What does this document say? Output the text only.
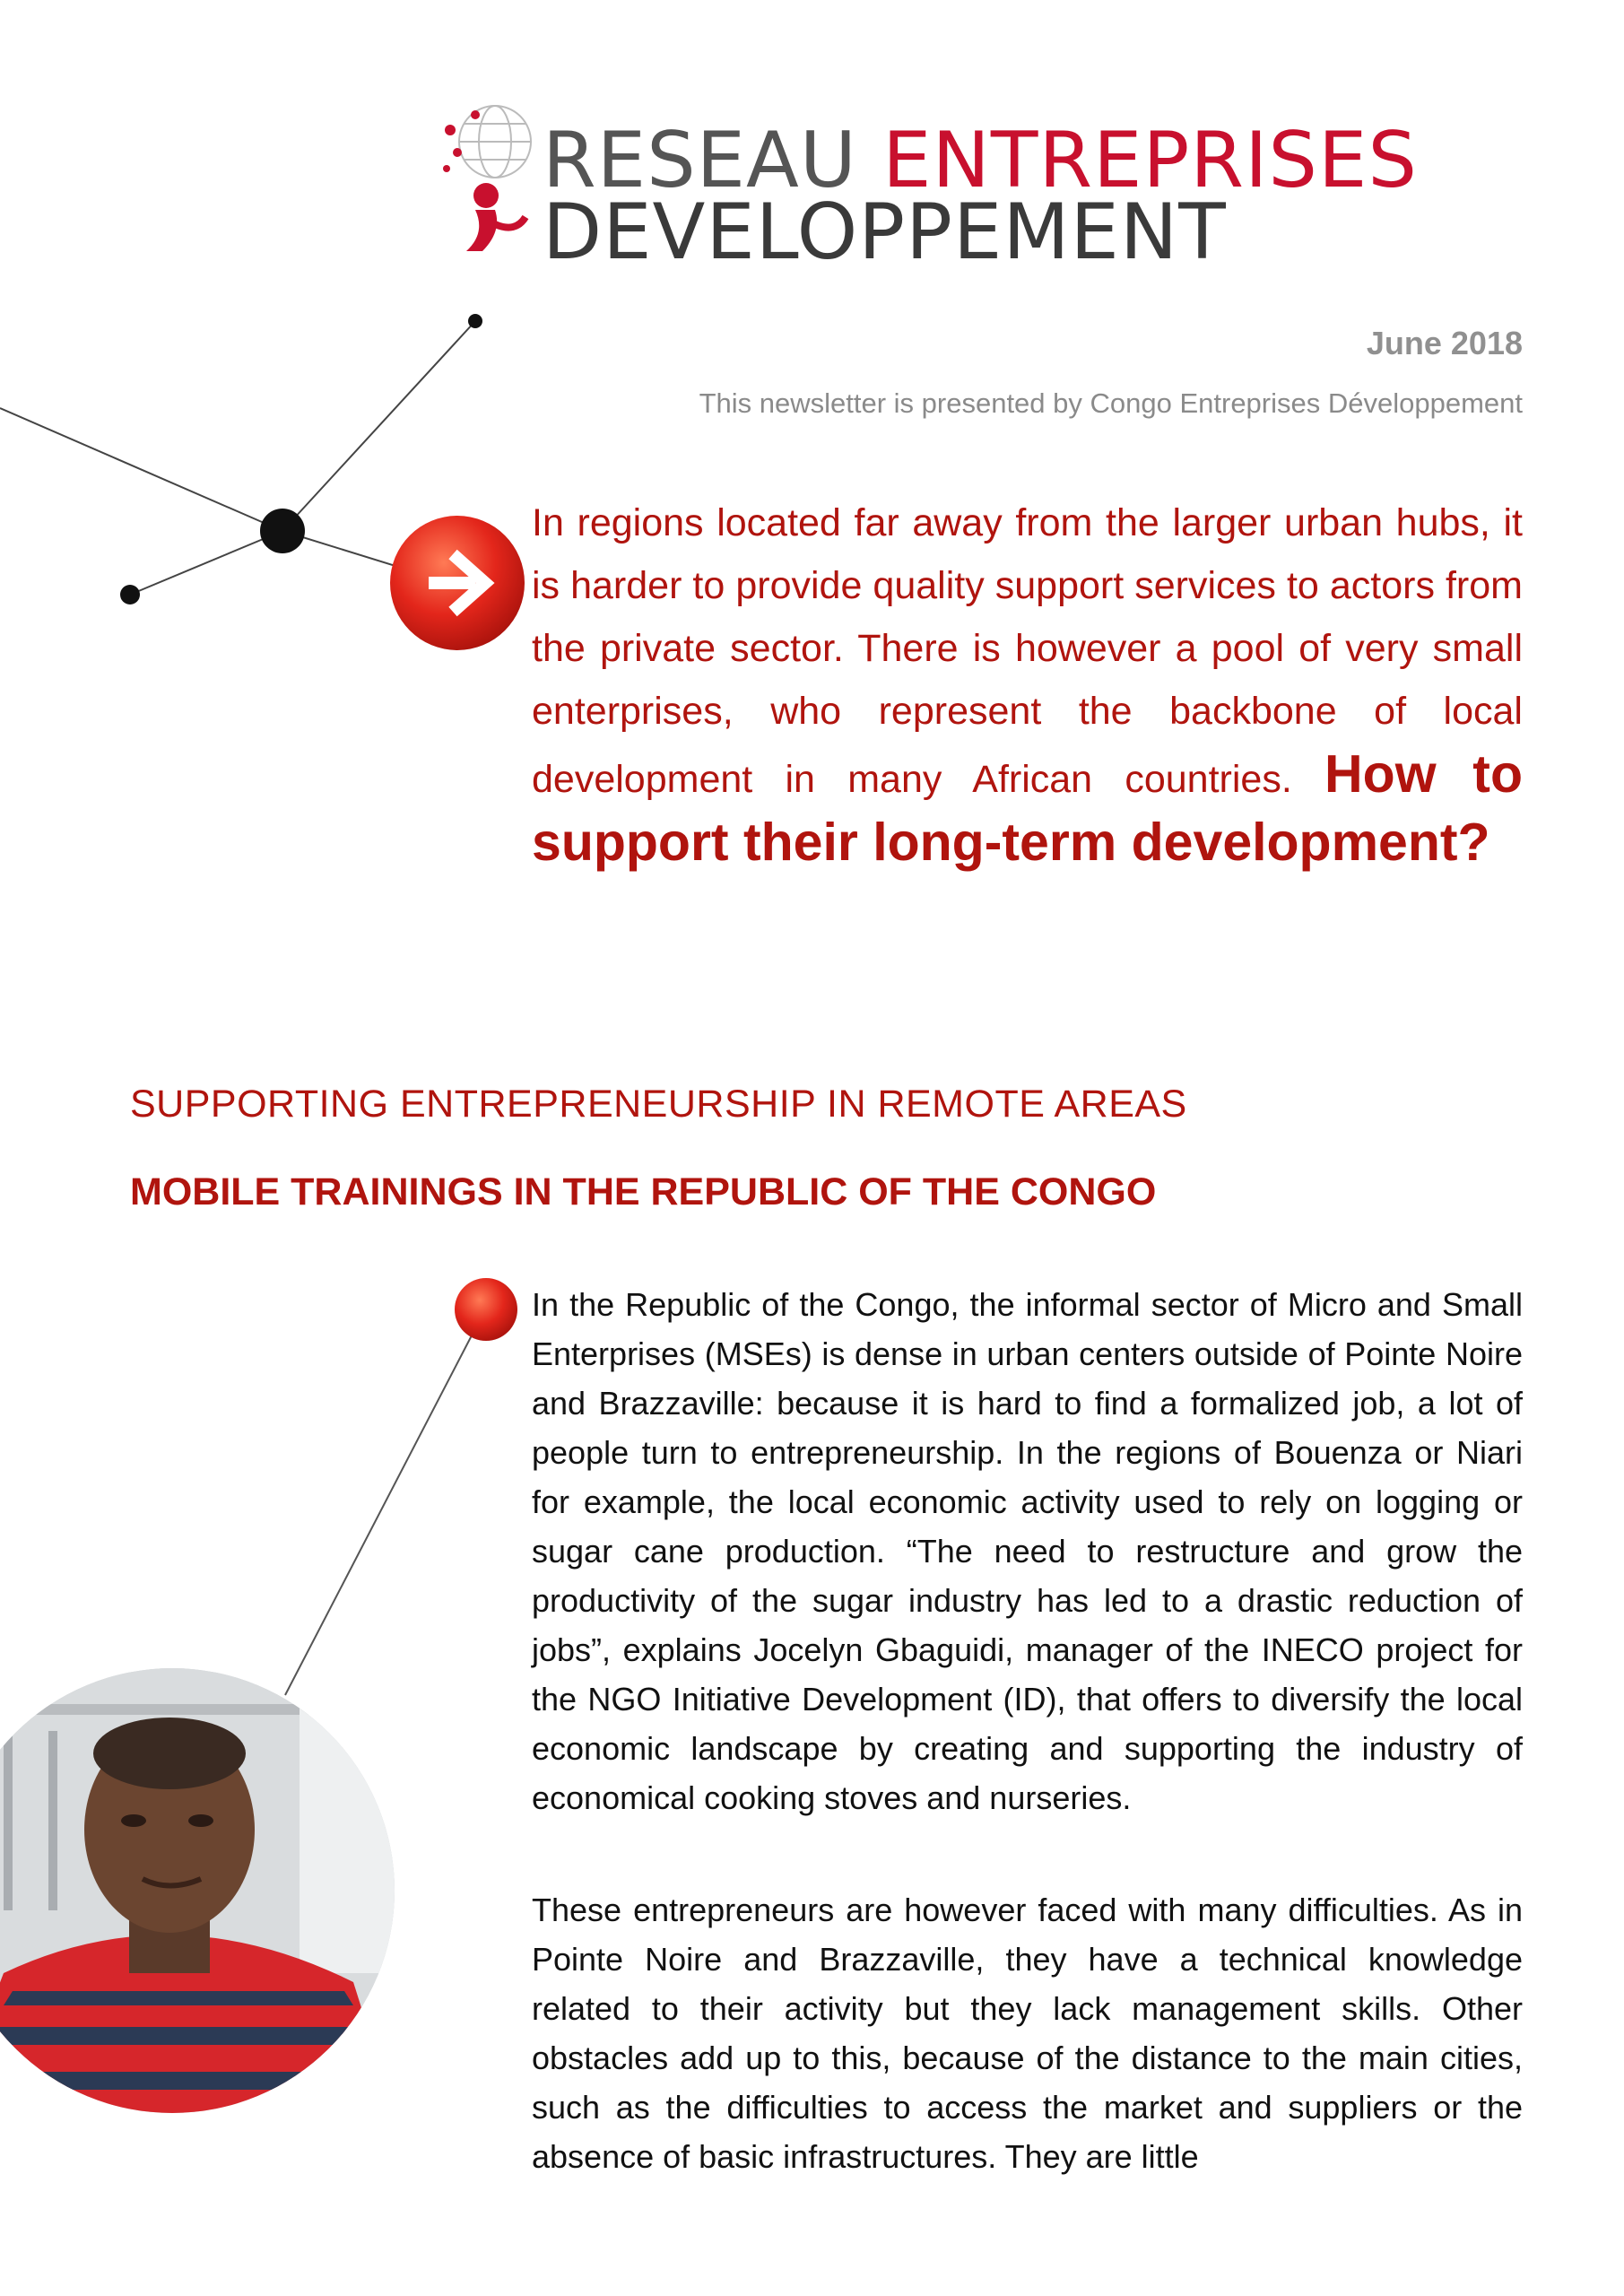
RESEAU ENTREPRISES
DEVELOPPEMENT
June 2018
This newsletter is presented by Congo Entreprises Développement
In regions located far away from the larger urban hubs, it is harder to provide quality support services to actors from the private sector. There is however a pool of very small enterprises, who represent the backbone of local development in many African countries. How to support their long-term development?
SUPPORTING ENTREPRENEURSHIP IN REMOTE AREAS
MOBILE TRAININGS IN THE REPUBLIC OF THE CONGO
In the Republic of the Congo, the informal sector of Micro and Small Enterprises (MSEs) is dense in urban centers outside of Pointe Noire and Brazzaville: because it is hard to find a formalized job, a lot of people turn to entrepreneurship. In the regions of Bouenza or Niari for example, the local economic activity used to rely on logging or sugar cane production. “The need to restructure and grow the productivity of the sugar industry has led to a drastic reduction of jobs”, explains Jocelyn Gbaguidi, manager of the INECO project for the NGO Initiative Development (ID), that offers to diversify the local economic landscape by creating and supporting the industry of economical cooking stoves and nurseries.
These entrepreneurs are however faced with many difficulties. As in Pointe Noire and Brazzaville, they have a technical knowledge related to their activity but they lack management skills. Other obstacles add up to this, because of the distance to the main cities, such as the difficulties to access the market and suppliers or the absence of basic infrastructures. They are little
